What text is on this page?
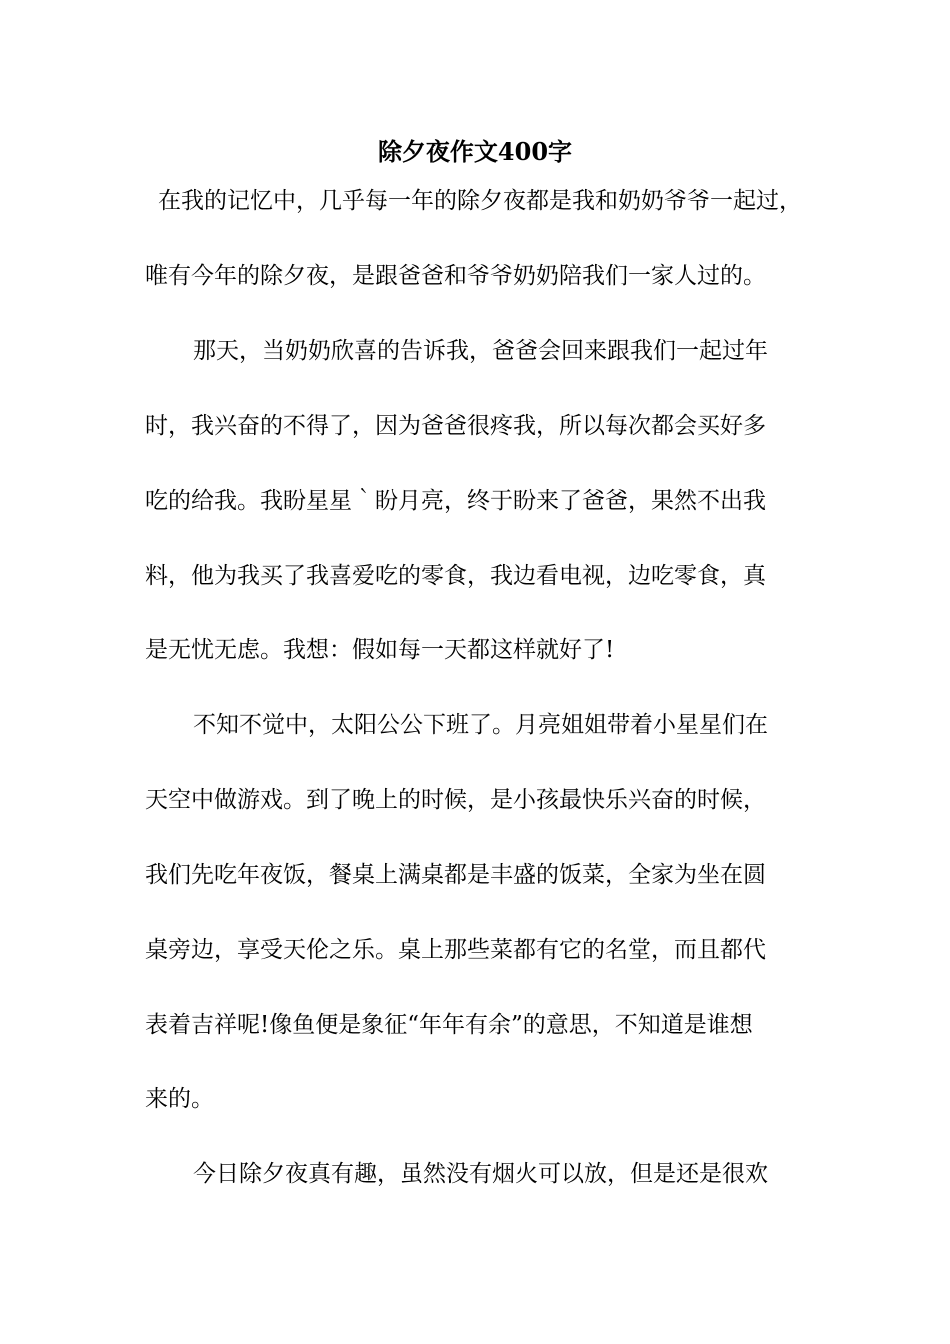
除夕夜作文400字
在我的记忆中，几乎每一年的除夕夜都是我和奶奶爷爷一起过，
唯有今年的除夕夜，是跟爸爸和爷爷奶奶陪我们一家人过的。
那天，当奶奶欣喜的告诉我，爸爸会回来跟我们一起过年
时，我兴奋的不得了，因为爸爸很疼我，所以每次都会买好多
吃的给我。我盼星星｀盼月亮，终于盼来了爸爸，果然不出我
料，他为我买了我喜爱吃的零食，我边看电视，边吃零食，真
是无忧无虑。我想：假如每一天都这样就好了!
不知不觉中，太阳公公下班了。月亮姐姐带着小星星们在
天空中做游戏。到了晚上的时候，是小孩最快乐兴奋的时候，
我们先吃年夜饭，餐桌上满桌都是丰盛的饭菜，全家为坐在圆
桌旁边，享受天伦之乐。桌上那些菜都有它的名堂，而且都代
表着吉祥呢!像鱼便是象征“年年有余”的意思，不知道是谁想
来的。
今日除夕夜真有趣，虽然没有烟火可以放，但是还是很欢
